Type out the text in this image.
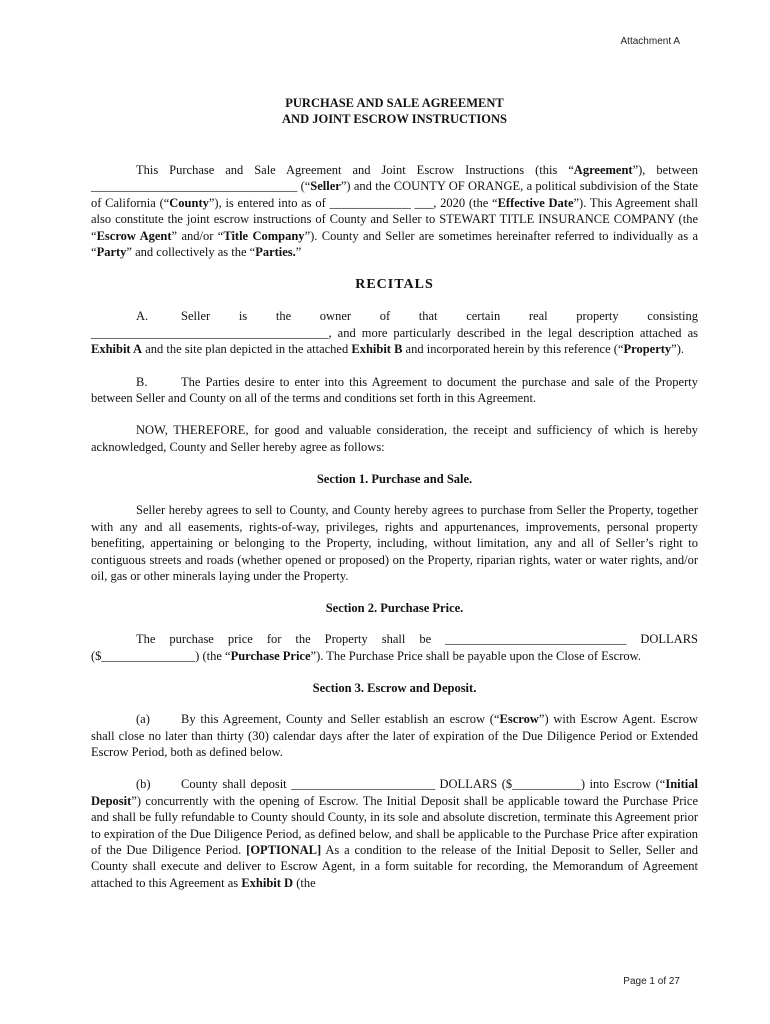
Attachment A
PURCHASE AND SALE AGREEMENT
AND JOINT ESCROW INSTRUCTIONS

This Purchase and Sale Agreement and Joint Escrow Instructions (this “Agreement”), between _________________________________ (“Seller”) and the COUNTY OF ORANGE, a political subdivision of the State of California (“County”), is entered into as of _____________ ___, 2020 (the “Effective Date”). This Agreement shall also constitute the joint escrow instructions of County and Seller to STEWART TITLE INSURANCE COMPANY (the “Escrow Agent” and/or “Title Company”). County and Seller are sometimes hereinafter referred to individually as a “Party” and collectively as the “Parties.”

RECITALS

A.	Seller is the owner of that certain real property consisting

______________________________________, and more particularly described in the legal description attached as Exhibit A and the site plan depicted in the attached Exhibit B and incorporated herein by this reference (“Property”).

B.	The Parties desire to enter into this Agreement to document the purchase and sale of the Property between Seller and County on all of the terms and conditions set forth in this Agreement.

NOW, THEREFORE, for good and valuable consideration, the receipt and sufficiency of which is hereby acknowledged, County and Seller hereby agree as follows:

Section 1. Purchase and Sale.

Seller hereby agrees to sell to County, and County hereby agrees to purchase from Seller the Property, together with any and all easements, rights-of-way, privileges, rights and appurtenances, improvements, personal property benefiting, appertaining or belonging to the Property, including, without limitation, any and all of Seller’s right to contiguous streets and roads (whether opened or proposed) on the Property, riparian rights, water or water rights, and/or oil, gas or other minerals laying under the Property.

Section 2. Purchase Price.

The purchase price for the Property shall be _____________________________ DOLLARS ($_______________) (the “Purchase Price”). The Purchase Price shall be payable upon the Close of Escrow.

Section 3. Escrow and Deposit.

(a) By this Agreement, County and Seller establish an escrow (“Escrow”) with Escrow Agent. Escrow shall close no later than thirty (30) calendar days after the later of expiration of the Due Diligence Period or Extended Escrow Period, both as defined below.

(b) County shall deposit _______________________ DOLLARS ($___________) into Escrow (“Initial Deposit”) concurrently with the opening of Escrow. The Initial Deposit shall be applicable toward the Purchase Price and shall be fully refundable to County should County, in its sole and absolute discretion, terminate this Agreement prior to expiration of the Due Diligence Period, as defined below, and shall be applicable to the Purchase Price after expiration of the Due Diligence Period. [OPTIONAL] As a condition to the release of the Initial Deposit to Seller, Seller and County shall execute and deliver to Escrow Agent, in a form suitable for recording, the Memorandum of Agreement attached to this Agreement as Exhibit D (the

Page 1 of 27
